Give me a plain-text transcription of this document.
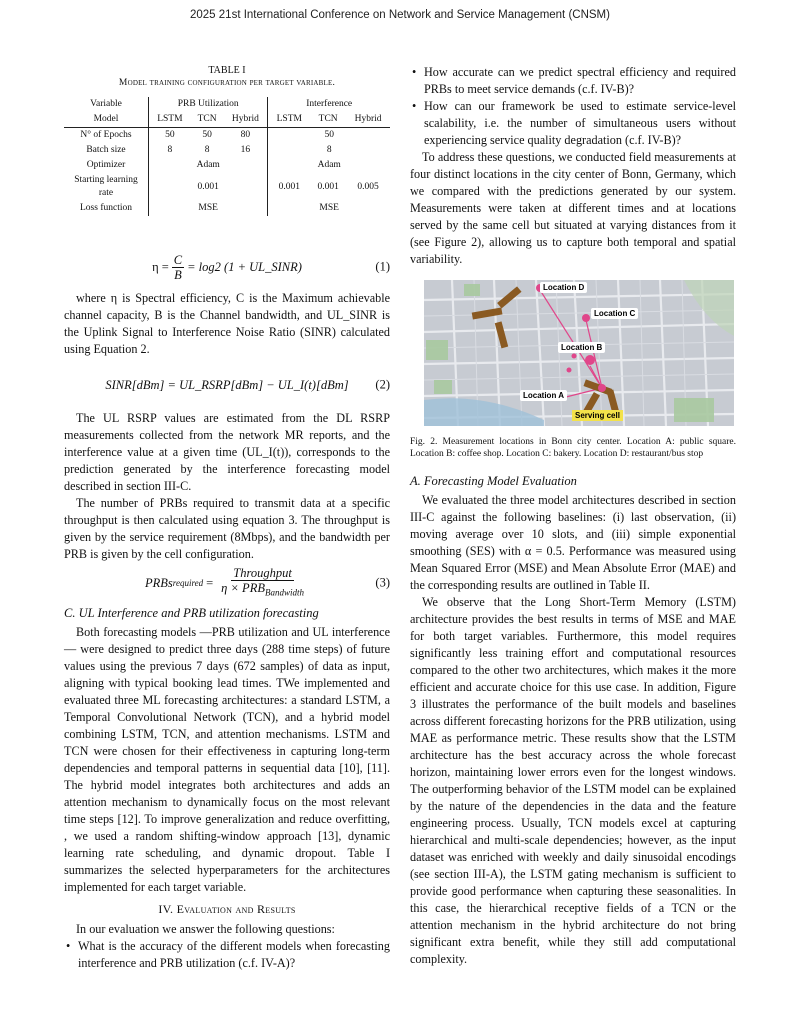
2025 21st International Conference on Network and Service Management (CNSM)
TABLE I
Model training configuration per target variable.
Variable	PRB Utilization			Interference		
Model	LSTM	TCN	Hybrid	LSTM	TCN	Hybrid
N° of Epochs	50	50	80	50		
Batch size	8	8	16	8		
Optimizer	Adam			Adam		
Starting learning rate	0.001			0.001	0.001	0.005
Loss function	MSE			MSE		
$\eta = \frac{C}{B} = \log 2$ (1 + UL_SINR)	(1)

where η is Spectral efficiency, C is the Maximum achievable channel capacity, B is the Channel bandwidth, and UL_SINR is the Uplink Signal to Interference Noise Ratio (SINR) calculated using Equation 2.

SINR[dBm] = UL_RSRP[dBm] − UL_I(t)[dBm] (2)

The UL RSRP values are estimated from the DL RSRP measurements collected from the network MR reports, and the interference value at a given time (UL_I(t)), corresponds to the prediction generated by the interference forecasting model described in section III-C.

The number of PRBs required to transmit data at a specific throughput is then calculated using equation 3. The throughput is given by the service requirement (8Mbps), and the bandwidth per PRB is given by the cell configuration.

PRBs required = $\frac{\text{Throughput}}{\eta \times PRB_{Bandwidth}}$	(3)
C. UL Interference and PRB utilization forecasting

Both forecasting models —PRB utilization and UL interference— were designed to predict three days (288 time steps) of future values using the previous 7 days (672 samples) of data as input, aligning with typical booking lead times. TWe implemented and evaluated three ML forecasting architectures: a standard LSTM, a Temporal Convolutional Network (TCN), and a hybrid model combining LSTM, TCN, and attention mechanisms. LSTM and TCN were chosen for their effectiveness in capturing long-term dependencies and temporal patterns in sequential data [10], [11]. The hybrid model integrates both architectures and adds an attention mechanism to dynamically focus on the most relevant time steps [12]. To improve generalization and reduce overfitting, , we used a random shifting-window approach [13], dynamic learning rate scheduling, and dynamic dropout. Table I summarizes the selected hyperparameters for the architectures implemented for each target variable.

IV. Evaluation and Results

In our evaluation we answer the following questions:

• What is the accuracy of the different models when forecasting interference and PRB utilization (c.f. IV-A)?
• How accurate can we predict spectral efficiency and required PRBs to meet service demands (c.f. IV-B)?
• How can our framework be used to estimate service-level scalability, i.e. the number of simultaneous users without experiencing service quality degradation (c.f. IV-B)?

To address these questions, we conducted field measurements at four distinct locations in the city center of Bonn, Germany, which we compared with the predictions generated by our system. Measurements were taken at different times and at locations served by the same cell but situated at varying distances from it (see Figure 2), allowing us to capture both temporal and spatial variability.

Location D
Location C
Location B
Location A
Serving cell
Fig. 2. Measurement locations in Bonn city center. Location A: public square. Location B: coffee shop. Location C: bakery. Location D: restaurant/bus stop
A. Forecasting Model Evaluation

We evaluated the three model architectures described in section III-C against the following baselines: (i) last observation, (ii) moving average over 10 slots, and (iii) simple exponential smoothing (SES) with α = 0.5. Performance was measured using Mean Squared Error (MSE) and Mean Absolute Error (MAE) and the corresponding results are outlined in Table II.

We observe that the Long Short-Term Memory (LSTM) architecture provides the best results in terms of MSE and MAE for both target variables. Furthermore, this model requires significantly less training effort and computational resources compared to the other two architectures, which makes it the more efficient and accurate choice for this use case. In addition, Figure 3 illustrates the performance of the built models and baselines across different forecasting horizons for the PRB utilization, using MAE as performance metric. These results show that the LSTM architecture has the best accuracy across the whole forecast horizon, maintaining lower errors even for the longest windows. The outperforming behavior of the LSTM model can be explained by the nature of the dependencies in the data and the feature engineering process. Usually, TCN models excel at capturing hierarchical and multi-scale dependencies; however, as the input dataset was enriched with weekly and daily sinusoidal encodings (see section III-A), the LSTM gating mechanism is sufficient to provide good performance when capturing these seasonalities. In this case, the hierarchical receptive fields of a TCN or the attention mechanism in the hybrid architecture do not bring significant extra benefit, while they still add computational complexity.
